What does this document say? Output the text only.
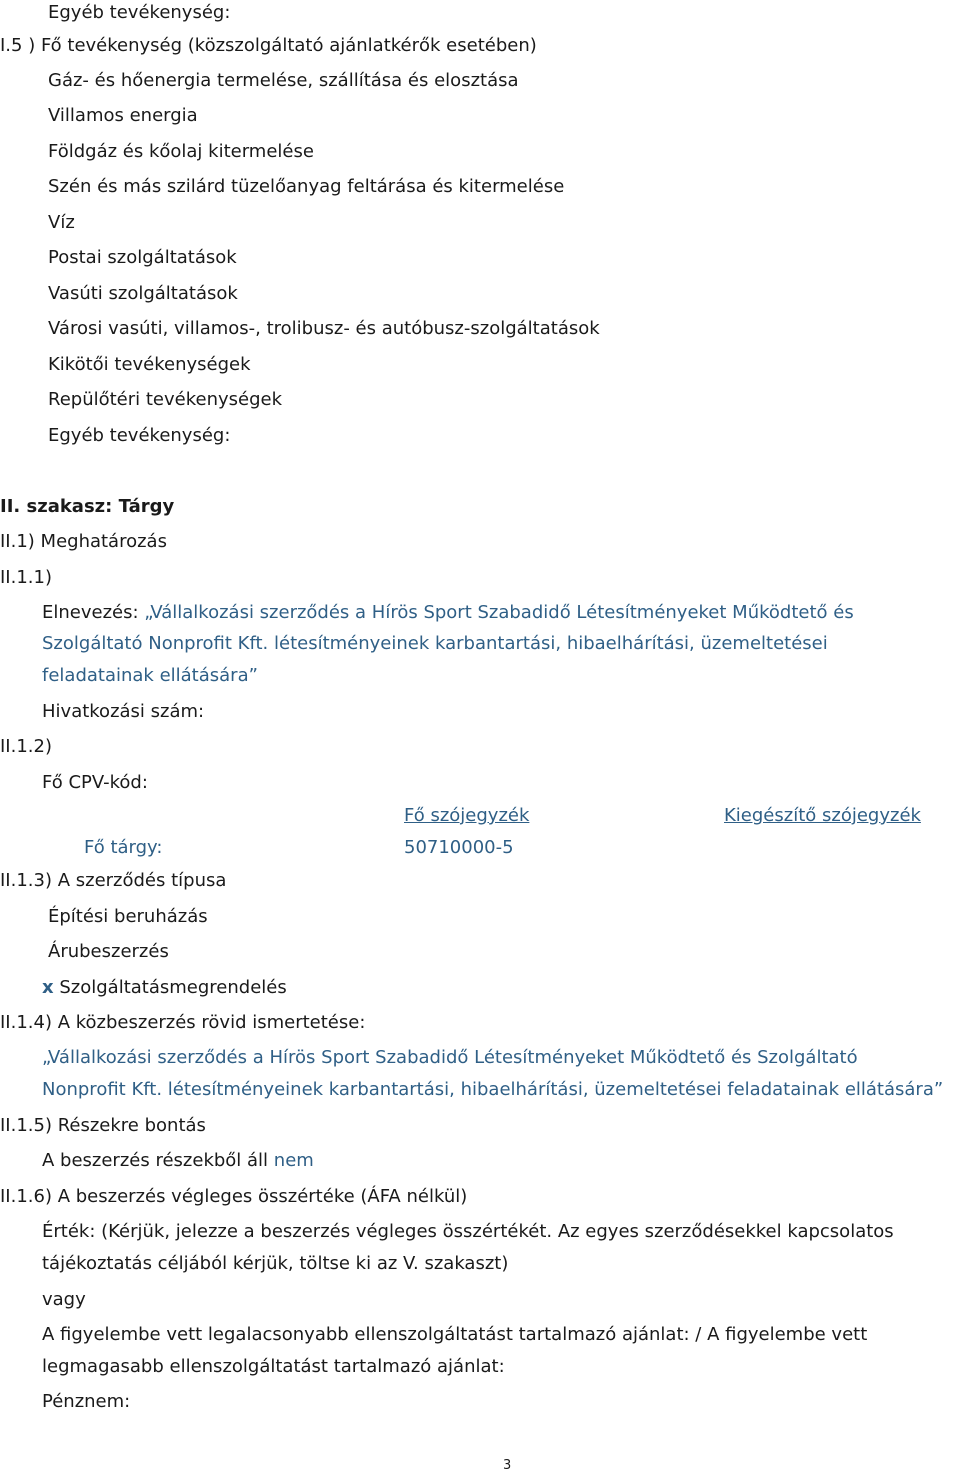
Egyéb tevékenység:
I.5 ) Fő tevékenység (közszolgáltató ajánlatkérők esetében)
Gáz- és hőenergia termelése, szállítása és elosztása
Villamos energia
Földgáz és kőolaj kitermelése
Szén és más szilárd tüzelőanyag feltárása és kitermelése
Víz
Postai szolgáltatások
Vasúti szolgáltatások
Városi vasúti, villamos-, trolibusz- és autóbusz-szolgáltatások
Kikötői tevékenységek
Repülőtéri tevékenységek
Egyéb tevékenység:
II. szakasz: Tárgy
II.1) Meghatározás
II.1.1)
Elnevezés: „Vállalkozási szerződés a Hírös Sport Szabadidő Létesítményeket Működtető és
Szolgáltató Nonprofit Kft. létesítményeinek karbantartási, hibaelhárítási, üzemeltetései
feladatainak ellátására”
Hivatkozási szám:
II.1.2)
Fő CPV-kód:
Fő szójegyzék	Kiegészítő szójegyzék
Fő tárgy:	50710000-5
II.1.3) A szerződés típusa
Építési beruházás
Árubeszerzés
x Szolgáltatásmegrendelés
II.1.4) A közbeszerzés rövid ismertetése:
„Vállalkozási szerződés a Hírös Sport Szabadidő Létesítményeket Működtető és Szolgáltató
Nonprofit Kft. létesítményeinek karbantartási, hibaelhárítási, üzemeltetései feladatainak ellátására”
II.1.5) Részekre bontás
A beszerzés részekből áll nem
II.1.6) A beszerzés végleges összértéke (ÁFA nélkül)
Érték: (Kérjük, jelezze a beszerzés végleges összértékét. Az egyes szerződésekkel kapcsolatos
tájékoztatás céljából kérjük, töltse ki az V. szakaszt)
vagy
A figyelembe vett legalacsonyabb ellenszolgáltatást tartalmazó ajánlat: / A figyelembe vett
legmagasabb ellenszolgáltatást tartalmazó ajánlat:
Pénznem:
3
